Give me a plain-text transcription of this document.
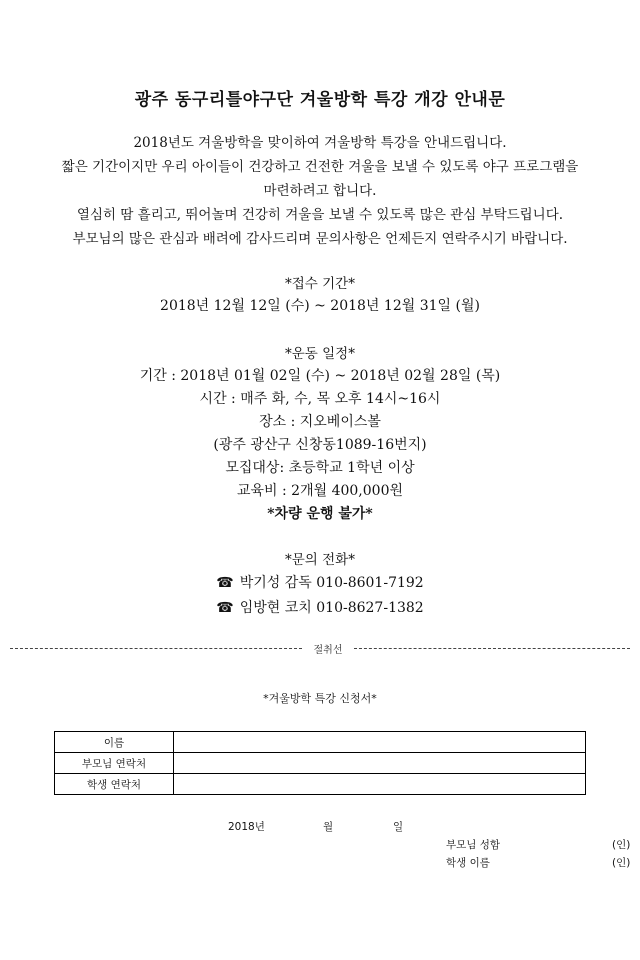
광주 동구리틀야구단 겨울방학 특강 개강 안내문
2018년도 겨울방학을 맞이하여 겨울방학 특강을 안내드립니다.
짧은 기간이지만 우리 아이들이 건강하고 건전한 겨울을 보낼 수 있도록 야구 프로그램을
마련하려고 합니다.
열심히 땀 흘리고, 뛰어놀며 건강히 겨울을 보낼 수 있도록 많은 관심 부탁드립니다.
부모님의 많은 관심과 배려에 감사드리며 문의사항은 언제든지 연락주시기 바랍니다.
*접수 기간*
2018년 12월 12일 (수) ~ 2018년 12월 31일 (월)
*운동 일정*
기간 : 2018년 01월 02일 (수) ~ 2018년 02월 28일 (목)
시간 : 매주 화, 수, 목 오후 14시~16시
장소 : 지오베이스볼
(광주 광산구 신창동1089-16번지)
모집대상: 초등학교 1학년 이상
교육비 : 2개월 400,000원
*차량 운행 불가*
*문의 전화*
☎ 박기성 감독 010-8601-7192
☎ 임방현 코치 010-8627-1382
절취선
*겨울방학 특강 신청서*
이름	
부모님 연락처	
학생 연락처	
2018년	월	일
부모님 성함	(인)
학생 이름	(인)
